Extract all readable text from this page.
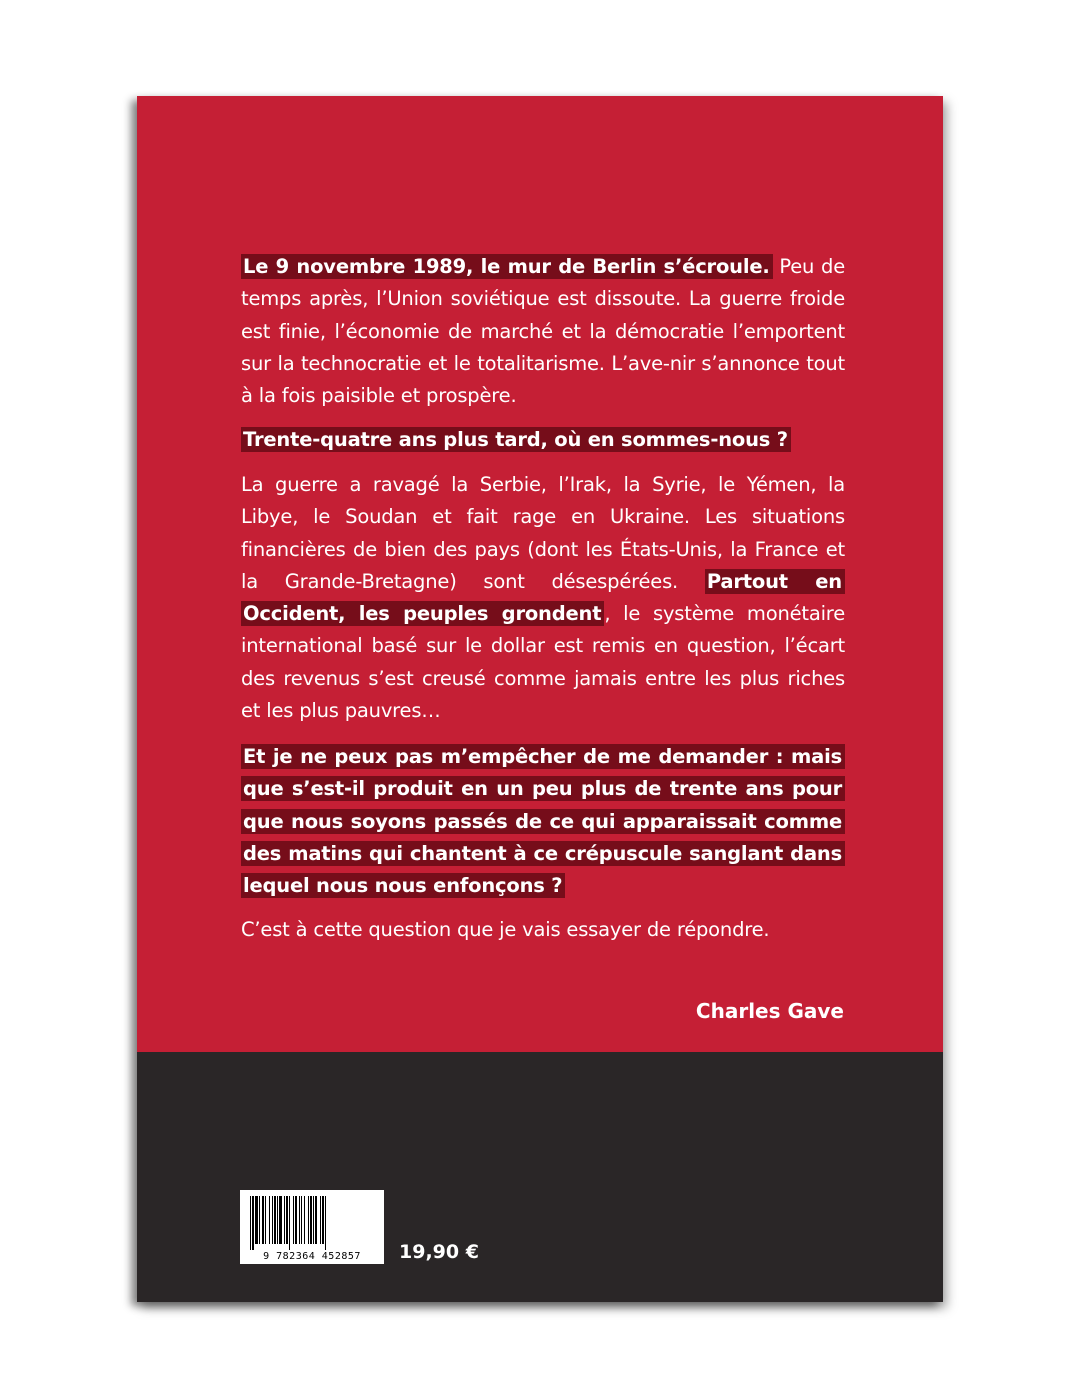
Le 9 novembre 1989, le mur de Berlin s’écroule. Peu de temps après, l’Union soviétique est dissoute. La guerre froide est finie, l’économie de marché et la démocratie l’emportent sur la technocratie et le totalitarisme. L’ave-nir s’annonce tout à la fois paisible et prospère.

Trente-quatre ans plus tard, où en sommes-nous ?

La guerre a ravagé la Serbie, l’Irak, la Syrie, le Yémen, la Libye, le Soudan et fait rage en Ukraine. Les situations financières de bien des pays (dont les États-Unis, la France et la Grande-Bretagne) sont désespérées. Partout en Occident, les peuples grondent , le système monétaire international basé sur le dollar est remis en question, l’écart des revenus s’est creusé comme jamais entre les plus riches et les plus pauvres…

Et je ne peux pas m’empêcher de me demander : mais
que s’est-il produit en un peu plus de trente ans pour
que nous soyons passés de ce qui apparaissait comme
des matins qui chantent à ce crépuscule sanglant dans
lequel nous nous enfonçons ?

C’est à cette question que je vais essayer de répondre.

Charles Gave
9 782364 452857	19,90 €
